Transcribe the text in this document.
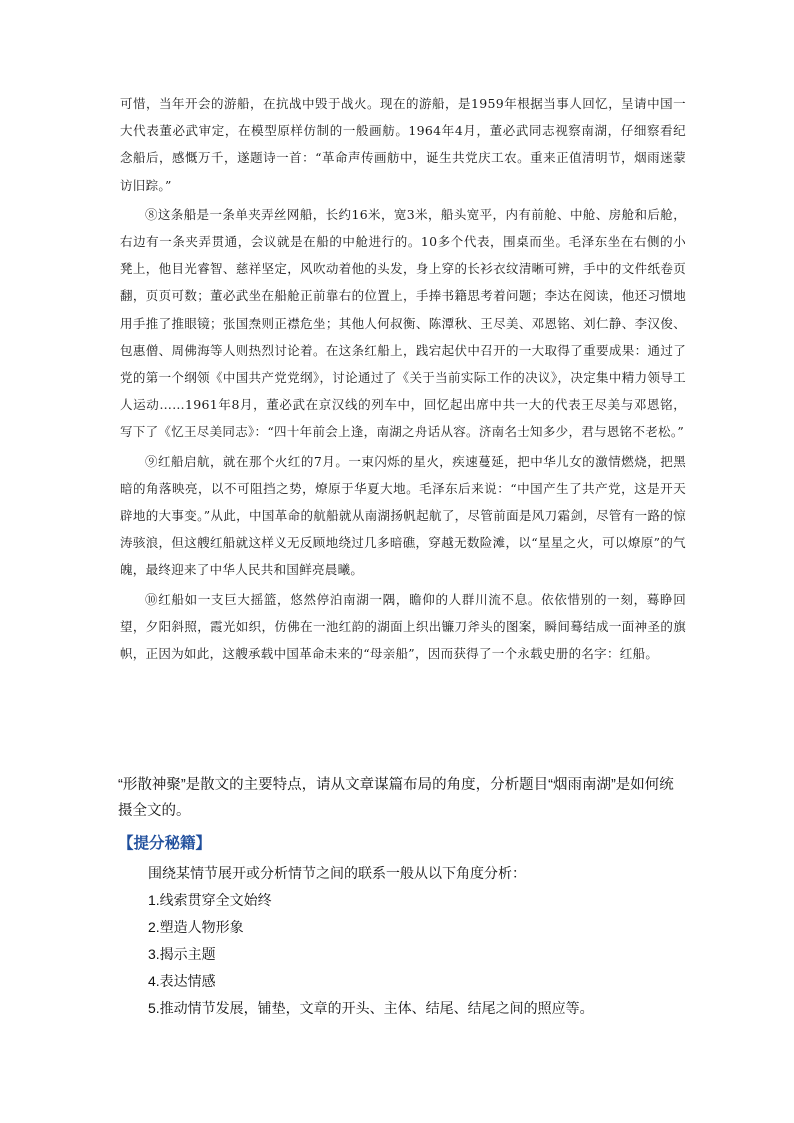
可惜，当年开会的游船，在抗战中毁于战火。现在的游船，是1959年根据当事人回忆，呈请中国一大代表董必武审定，在模型原样仿制的一般画舫。1964年4月，董必武同志视察南湖，仔细察看纪念船后，感慨万千，遂题诗一首：“革命声传画舫中，诞生共党庆工农。重来正值清明节，烟雨迷蒙访旧踪。”

⑧这条船是一条单夹弄丝网船，长约16米，宽3米，船头宽平，内有前舱、中舱、房舱和后舱，右边有一条夹弄贯通，会议就是在船的中舱进行的。10多个代表，围桌而坐。毛泽东坐在右侧的小凳上，他目光睿智、慈祥坚定，风吹动着他的头发，身上穿的长衫衣纹清晰可辨，手中的文件纸卷页翻，页页可数；董必武坐在船舱正前靠右的位置上，手捧书籍思考着问题；李达在阅读，他还习惯地用手推了推眼镜；张国焘则正襟危坐；其他人何叔衡、陈潭秋、王尽美、邓恩铭、刘仁静、李汉俊、包惠僧、周佛海等人则热烈讨论着。在这条红船上，践宕起伏中召开的一大取得了重要成果：通过了党的第一个纲领《中国共产党党纲》，讨论通过了《关于当前实际工作的决议》，决定集中精力领导工人运动……1961年8月，董必武在京汉线的列车中，回忆起出席中共一大的代表王尽美与邓恩铭，写下了《忆王尽美同志》：“四十年前会上逢，南湖之舟话从容。济南名士知多少，君与恩铭不老松。”

⑨红船启航，就在那个火红的7月。一束闪烁的星火，疾速蔓延，把中华儿女的激情燃烧，把黑暗的角落映亮，以不可阻挡之势，燎原于华夏大地。毛泽东后来说：“中国产生了共产党，这是开天辟地的大事变。”从此，中国革命的航船就从南湖扬帆起航了，尽管前面是风刀霜剑，尽管有一路的惊涛骇浪，但这艘红船就这样义无反顾地绕过几多暗礁，穿越无数险滩，以“星星之火，可以燎原”的气魄，最终迎来了中华人民共和国鲜亮晨曦。

⑩红船如一支巨大摇篮，悠然停泊南湖一隅，瞻仰的人群川流不息。依依惜别的一刻，蓦睁回望，夕阳斜照，霞光如织，仿佛在一池红韵的湖面上织出镰刀斧头的图案，瞬间蓦结成一面神圣的旗帜，正因为如此，这艘承载中国革命未来的“母亲船”，因而获得了一个永载史册的名字：红船。

“形散神聚”是散文的主要特点，请从文章谋篇布局的角度，分析题目“烟雨南湖”是如何统摄全文的。

【提分秘籍】

围绕某情节展开或分析情节之间的联系一般从以下角度分析：

1.线索贯穿全文始终

2.塑造人物形象

3.揭示主题

4.表达情感

5.推动情节发展，铺垫，文章的开头、主体、结尾、结尾之间的照应等。
